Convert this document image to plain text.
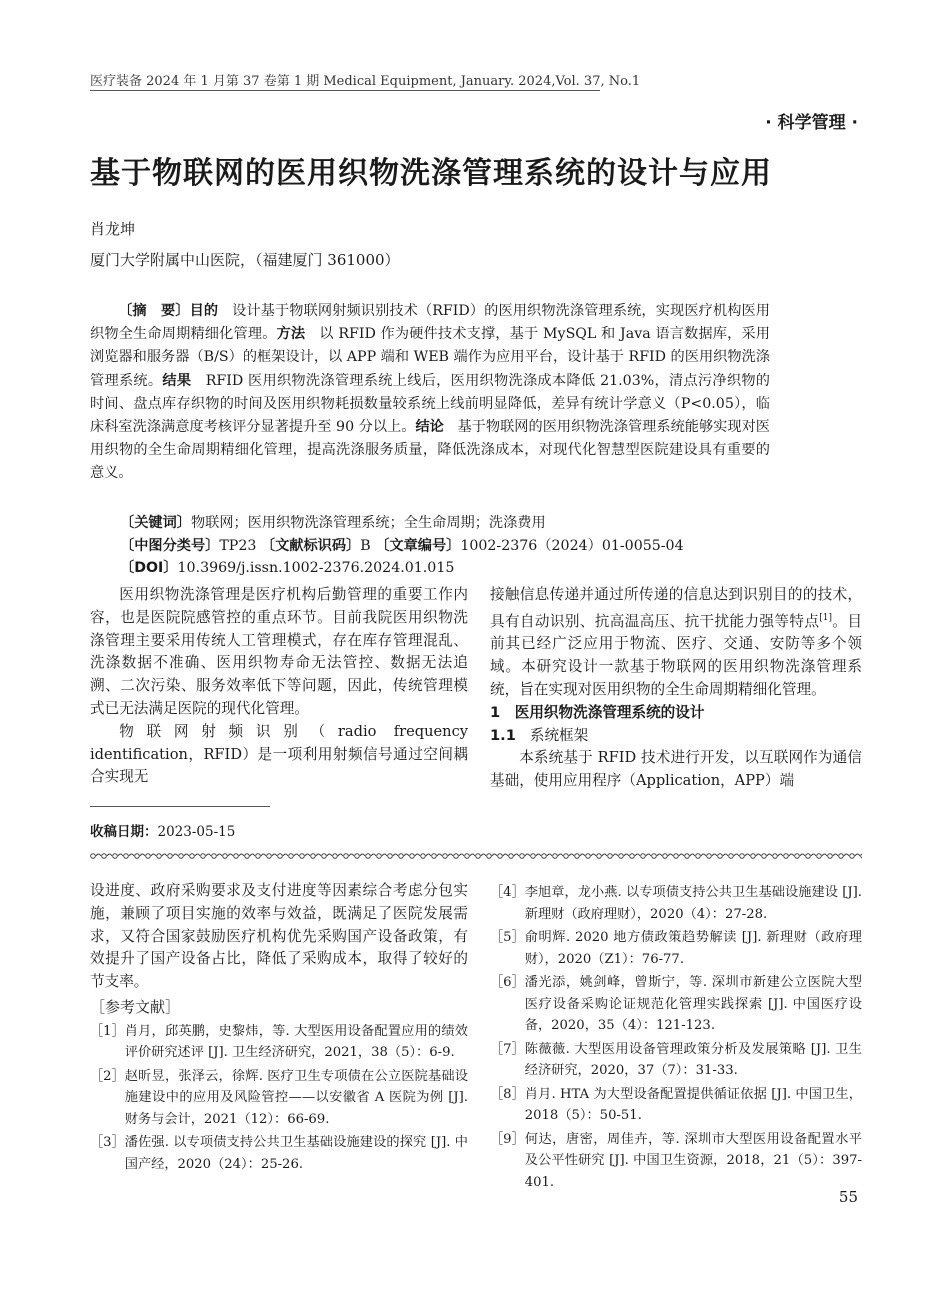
医疗装备 2024 年 1 月第 37 卷第 1 期 Medical Equipment, January. 2024,Vol. 37, No.1
· 科学管理 ·
基于物联网的医用织物洗涤管理系统的设计与应用
肖龙坤
厦门大学附属中山医院，（福建厦门 361000）
〔摘　要〕目的 设计基于物联网射频识别技术（RFID）的医用织物洗涤管理系统，实现医疗机构医用织物全生命周期精细化管理。方法 以 RFID 作为硬件技术支撑，基于 MySQL 和 Java 语言数据库，采用浏览器和服务器（B/S）的框架设计，以 APP 端和 WEB 端作为应用平台，设计基于 RFID 的医用织物洗涤管理系统。结果 RFID 医用织物洗涤管理系统上线后，医用织物洗涤成本降低 21.03%，清点污净织物的时间、盘点库存织物的时间及医用织物耗损数量较系统上线前明显降低，差异有统计学意义（P<0.05），临床科室洗涤满意度考核评分显著提升至 90 分以上。结论 基于物联网的医用织物洗涤管理系统能够实现对医用织物的全生命周期精细化管理，提高洗涤服务质量，降低洗涤成本，对现代化智慧型医院建设具有重要的意义。
〔关键词〕物联网；医用织物洗涤管理系统；全生命周期；洗涤费用
〔中图分类号〕TP23 〔文献标识码〕B 〔文章编号〕1002-2376（2024）01-0055-04
〔DOI〕10.3969/j.issn.1002-2376.2024.01.015

医用织物洗涤管理是医疗机构后勤管理的重要工作内容，也是医院院感管控的重点环节。目前我院医用织物洗涤管理主要采用传统人工管理模式，存在库存管理混乱、洗涤数据不准确、医用织物寿命无法管控、数据无法追溯、二次污染、服务效率低下等问题，因此，传统管理模式已无法满足医院的现代化管理。

物联网射频识别（radio frequency identification，RFID）是一项利用射频信号通过空间耦合实现无

接触信息传递并通过所传递的信息达到识别目的的技术，具有自动识别、抗高温高压、抗干扰能力强等特点[1]。目前其已经广泛应用于物流、医疗、交通、安防等多个领域。本研究设计一款基于物联网的医用织物洗涤管理系统，旨在实现对医用织物的全生命周期精细化管理。

1　医用织物洗涤管理系统的设计

1.1 系统框架

本系统基于 RFID 技术进行开发，以互联网作为通信基础，使用应用程序（Application，APP）端

收稿日期：2023-05-15

设进度、政府采购要求及支付进度等因素综合考虑分包实施，兼顾了项目实施的效率与效益，既满足了医院发展需求，又符合国家鼓励医疗机构优先采购国产设备政策，有效提升了国产设备占比，降低了采购成本，取得了较好的节支率。

［参考文献］
［1］ 肖月，邱英鹏，史黎炜，等. 大型医用设备配置应用的绩效评价研究述评 [J]. 卫生经济研究，2021，38（5）：6-9.
［2］ 赵昕昱，张泽云，徐辉. 医疗卫生专项债在公立医院基础设施建设中的应用及风险管控——以安徽省 A 医院为例 [J]. 财务与会计，2021（12）：66-69.
［3］ 潘佐强. 以专项债支持公共卫生基础设施建设的探究 [J]. 中国产经，2020（24）：25-26.
［4］ 李旭章，龙小燕. 以专项债支持公共卫生基础设施建设 [J]. 新理财（政府理财），2020（4）：27-28.
［5］ 俞明辉. 2020 地方债政策趋势解读 [J]. 新理财（政府理财），2020（Z1）：76-77.
［6］ 潘光添，姚剑峰，曾斯宁，等. 深圳市新建公立医院大型医疗设备采购论证规范化管理实践探索 [J]. 中国医疗设备，2020，35（4）：121-123.
［7］ 陈薇薇. 大型医用设备管理政策分析及发展策略 [J]. 卫生经济研究，2020，37（7）：31-33.
［8］ 肖月. HTA 为大型设备配置提供循证依据 [J]. 中国卫生，2018（5）：50-51.
［9］ 何达，唐密，周佳卉，等. 深圳市大型医用设备配置水平及公平性研究 [J]. 中国卫生资源，2018，21（5）：397-401.
55
